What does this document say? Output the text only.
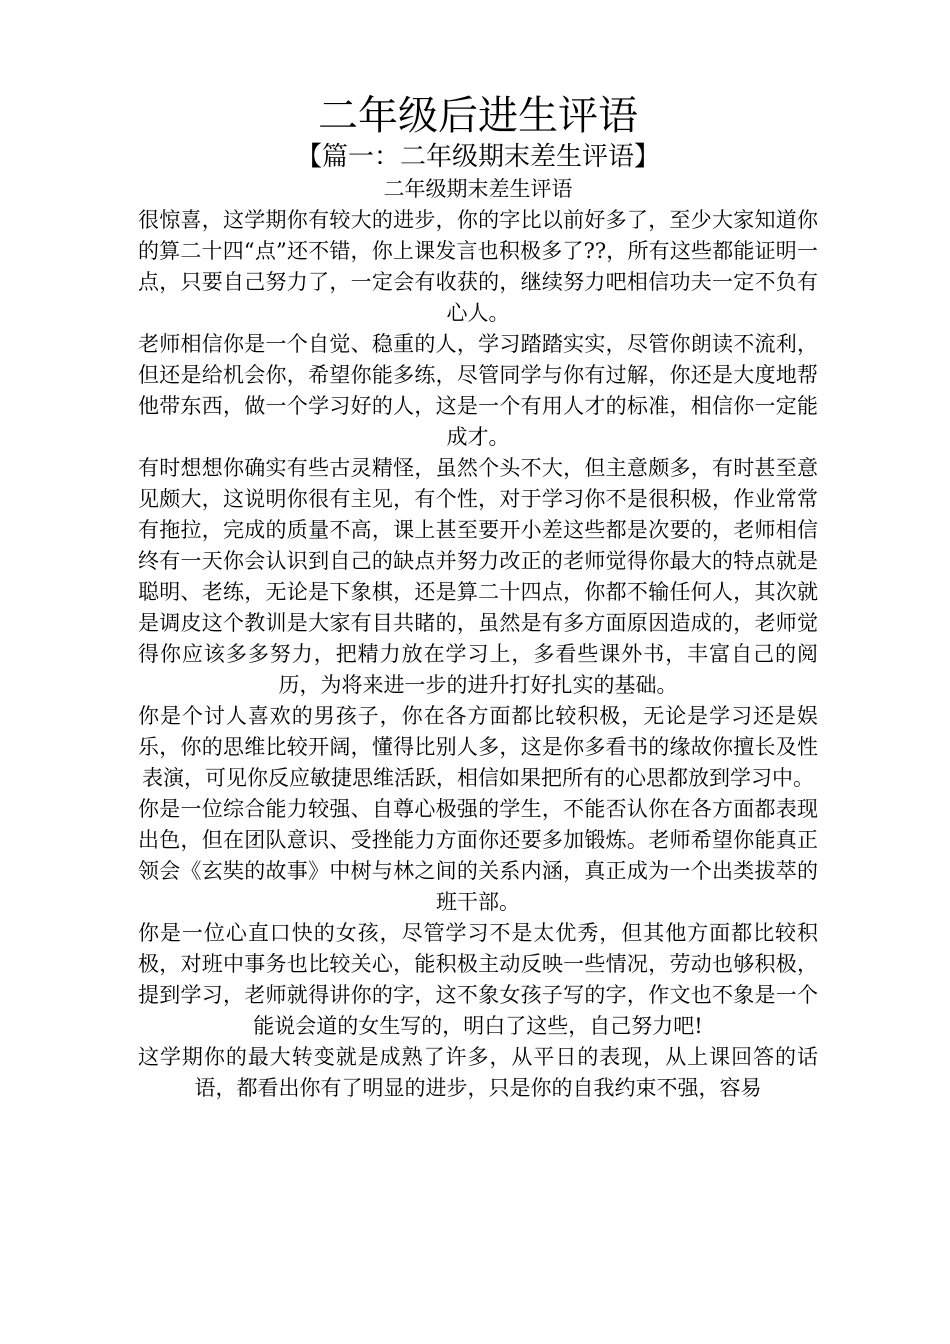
二年级后进生评语
【篇一：二年级期末差生评语】
二年级期末差生评语

很惊喜，这学期你有较大的进步，你的字比以前好多了，至少大家知道你的算二十四“点”还不错，你上课发言也积极多了??，所有这些都能证明一点，只要自己努力了，一定会有收获的，继续努力吧相信功夫一定不负有心人。

老师相信你是一个自觉、稳重的人，学习踏踏实实，尽管你朗读不流利，但还是给机会你，希望你能多练，尽管同学与你有过解，你还是大度地帮他带东西，做一个学习好的人，这是一个有用人才的标准，相信你一定能成才。

有时想想你确实有些古灵精怪，虽然个头不大，但主意颇多，有时甚至意见颇大，这说明你很有主见，有个性，对于学习你不是很积极，作业常常有拖拉，完成的质量不高，课上甚至要开小差这些都是次要的，老师相信终有一天你会认识到自己的缺点并努力改正的老师觉得你最大的特点就是聪明、老练，无论是下象棋，还是算二十四点，你都不输任何人，其次就是调皮这个教训是大家有目共睹的，虽然是有多方面原因造成的，老师觉得你应该多多努力，把精力放在学习上，多看些课外书，丰富自己的阅历，为将来进一步的进升打好扎实的基础。

你是个讨人喜欢的男孩子，你在各方面都比较积极，无论是学习还是娱乐，你的思维比较开阔，懂得比别人多，这是你多看书的缘故你擅长及性表演，可见你反应敏捷思维活跃，相信如果把所有的心思都放到学习中。

你是一位综合能力较强、自尊心极强的学生，不能否认你在各方面都表现出色，但在团队意识、受挫能力方面你还要多加锻炼。老师希望你能真正领会《玄奘的故事》中树与林之间的关系内涵，真正成为一个出类拔萃的班干部。

你是一位心直口快的女孩，尽管学习不是太优秀，但其他方面都比较积极，对班中事务也比较关心，能积极主动反映一些情况，劳动也够积极，提到学习，老师就得讲你的字，这不象女孩子写的字，作文也不象是一个能说会道的女生写的，明白了这些，自己努力吧!

这学期你的最大转变就是成熟了许多，从平日的表现，从上课回答的话语，都看出你有了明显的进步，只是你的自我约束不强，容易
